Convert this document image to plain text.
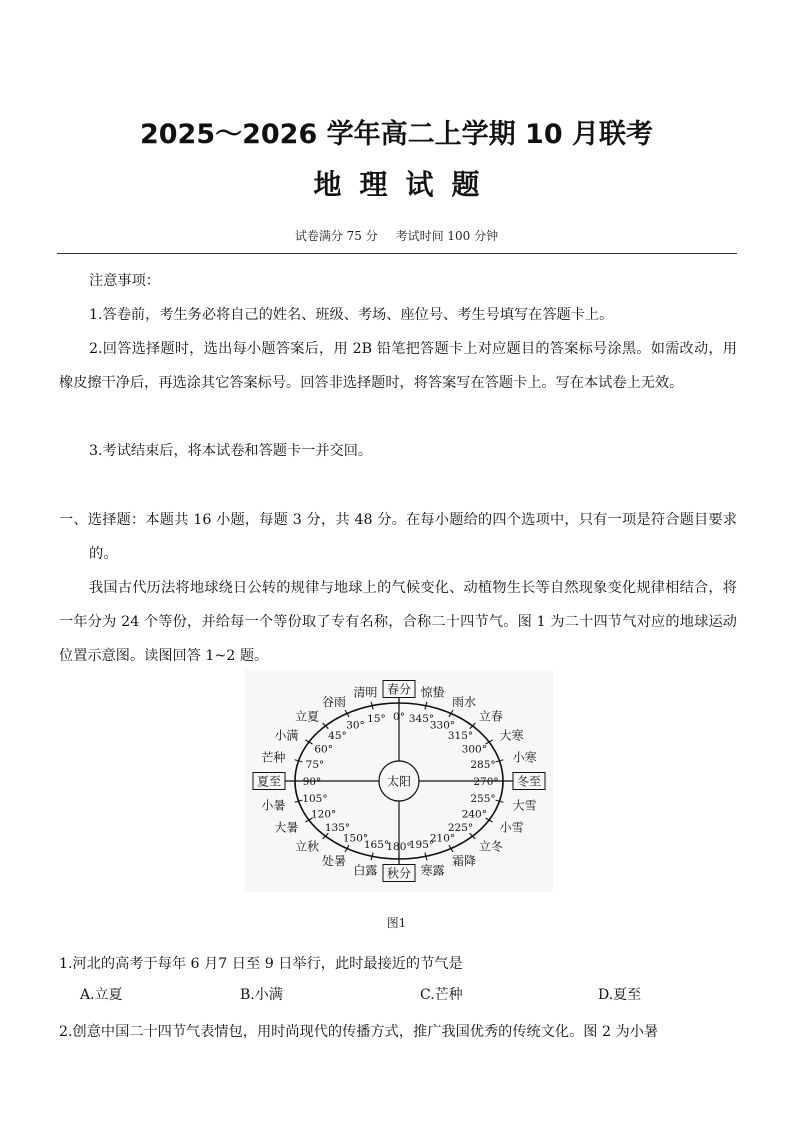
2025～2026 学年高二上学期 10 月联考
地理试题
试卷满分 75 分 考试时间 100 分钟
注意事项：
1.答卷前，考生务必将自己的姓名、班级、考场、座位号、考生号填写在答题卡上。
2.回答选择题时，选出每小题答案后，用 2B 铅笔把答题卡上对应题目的答案标号涂黑。如需改动，用橡皮擦干净后，再选涂其它答案标号。回答非选择题时，将答案写在答题卡上。写在本试卷上无效。
3.考试结束后，将本试卷和答题卡一并交回。
一、选择题：本题共 16 小题，每题 3 分，共 48 分。在每小题给的四个选项中，只有一项是符合题目要求的。
我国古代历法将地球绕日公转的规律与地球上的气候变化、动植物生长等自然现象变化规律相结合，将一年分为 24 个等份，并给每一个等份取了专有名称，合称二十四节气。图 1 为二十四节气对应的地球运动位置示意图。读图回答 1~2 题。
太阳
0°
15°
30°
45°
60°
75°
90°
105°
120°
135°
150°
165°
180°
195°
210°
225°
240°
255°
270°
285°
300°
315°
330°
345°
春分
清明
谷雨
立夏
小满
芒种
夏至
小暑
大暑
立秋
处暑
白露 秋分 寒露
霜降
立冬
小雪
大雪
冬至
小寒
大寒
立春
雨水
惊蛰
图1
1.河北的高考于每年 6 月7 日至 9 日举行，此时最接近的节气是
A.立夏	B.小满	C.芒种	D.夏至
2.创意中国二十四节气表情包，用时尚现代的传播方式，推广我国优秀的传统文化。图 2 为小暑
